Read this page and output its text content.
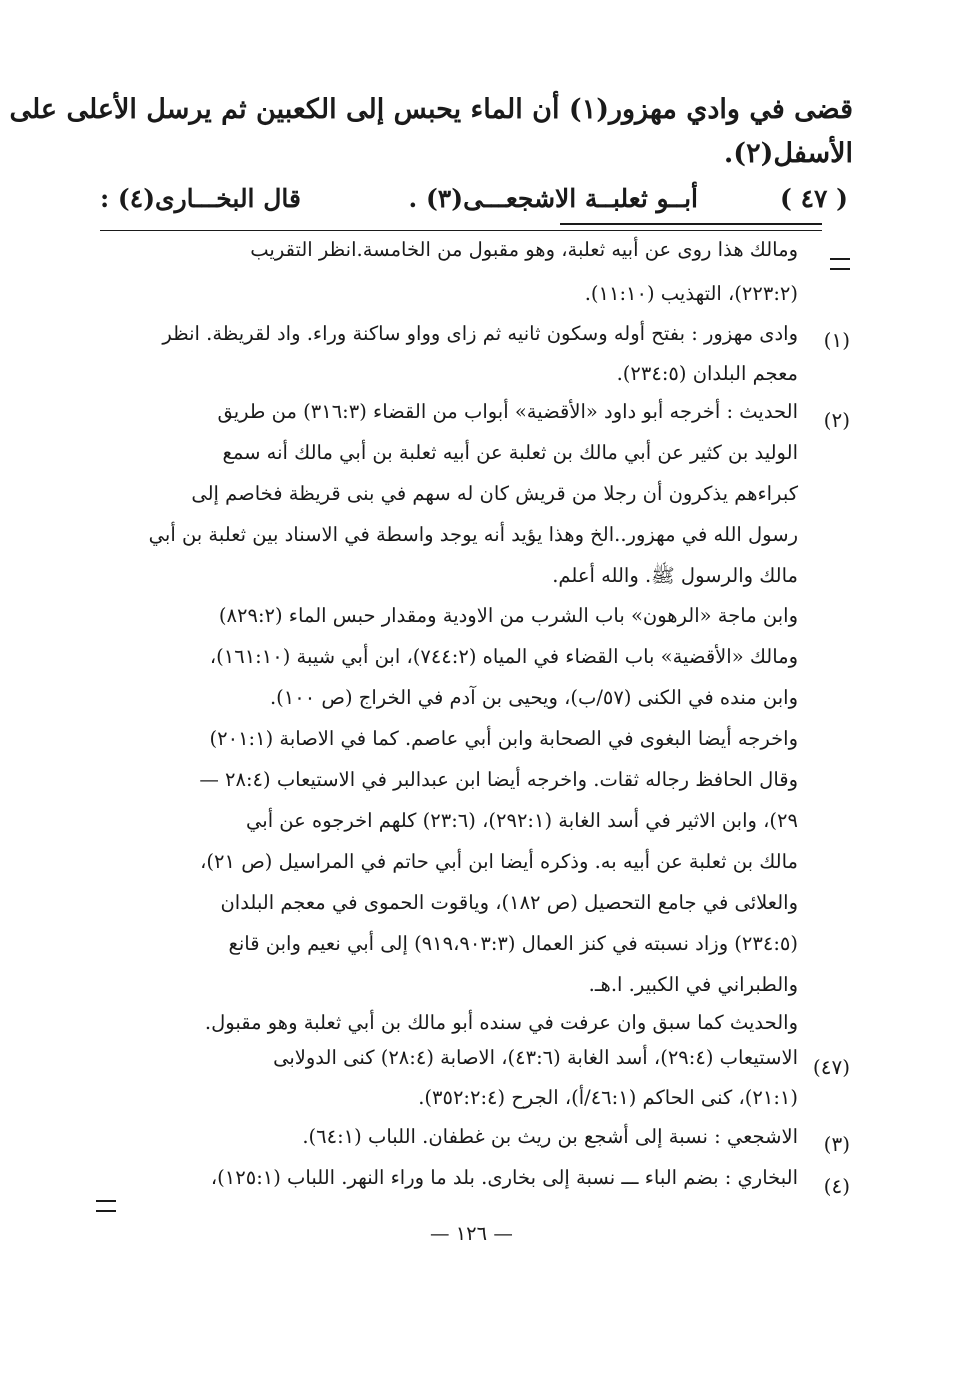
قضى في وادي مهزور(١) أن الماء يحبس إلى الكعبين ثم يرسل الأعلى على
الأسفل(٢).
( ٤٧ )
أبــو ثعلبــة الاشجعـــى(٣) .
قال البخـــارى(٤) :
ومالك هذا روى عن أبيه ثعلبة، وهو مقبول من الخامسة.انظر التقريب
(٢٢٣:٢)، التهذيب (١١:١٠).
(١)
وادى مهزور : بفتح أوله وسكون ثانيه ثم زاى وواو ساكنة وراء. واد لقريظة. انظر
معجم البلدان (٢٣٤:٥).
(٢)
الحديث : أخرجه أبو داود «الأقضية» أبواب من القضاء (٣١٦:٣) من طريق
الوليد بن كثير عن أبي مالك بن ثعلبة عن أبيه ثعلبة بن أبي مالك أنه سمع
كبراءهم يذكرون أن رجلا من قريش كان له سهم في بنى قريظة فخاصم إلى
رسول الله في مهزور..الخ وهذا يؤيد أنه يوجد واسطة في الاسناد بين ثعلبة بن أبي
مالك والرسول ﷺ. والله أعلم.
وابن ماجة «الرهون» باب الشرب من الاودية ومقدار حبس الماء (٨٢٩:٢)
ومالك «الأقضية» باب القضاء في المياه (٧٤٤:٢)، ابن أبي شيبة (١٦١:١٠)،
وابن منده في الكنى (٥٧/ب)، ويحيى بن آدم في الخراج (ص ١٠٠).
واخرجه أيضا البغوى في الصحابة وابن أبي عاصم. كما في الاصابة (٢٠١:١)
وقال الحافظ رجاله ثقات. واخرجه أيضا ابن عبدالبر في الاستيعاب (٢٨:٤ —
٢٩)، وابن الاثير في أسد الغابة (٢٩٢:١)، (٢٣:٦) كلهم اخرجوه عن أبي
مالك بن ثعلبة عن أبيه به. وذكره أيضا ابن أبي حاتم في المراسيل (ص ٢١)،
والعلائى في جامع التحصيل (ص ١٨٢)، وياقوت الحموى في معجم البلدان
(٢٣٤:٥) وزاد نسبته في كنز العمال (٩١٩،٩٠٣:٣) إلى أبي نعيم وابن قانع
والطبراني في الكبير. ا.هـ.
والحديث كما سبق وان عرفت في سنده أبو مالك بن أبي ثعلبة وهو مقبول.
(٤٧)
الاستيعاب (٢٩:٤)، أسد الغابة (٤٣:٦)، الاصابة (٢٨:٤) كنى الدولابى
(٢١:١)، كنى الحاكم (٤٦:١/أ)، الجرح (٣٥٢:٢:٤).
(٣)
الاشجعي : نسبة إلى أشجع بن ريث بن غطفان. اللباب (٦٤:١).
(٤)
البخاري : بضم الباء ـــ نسبة إلى بخارى. بلد ما وراء النهر. اللباب (١٢٥:١)،
— ١٢٦ —
